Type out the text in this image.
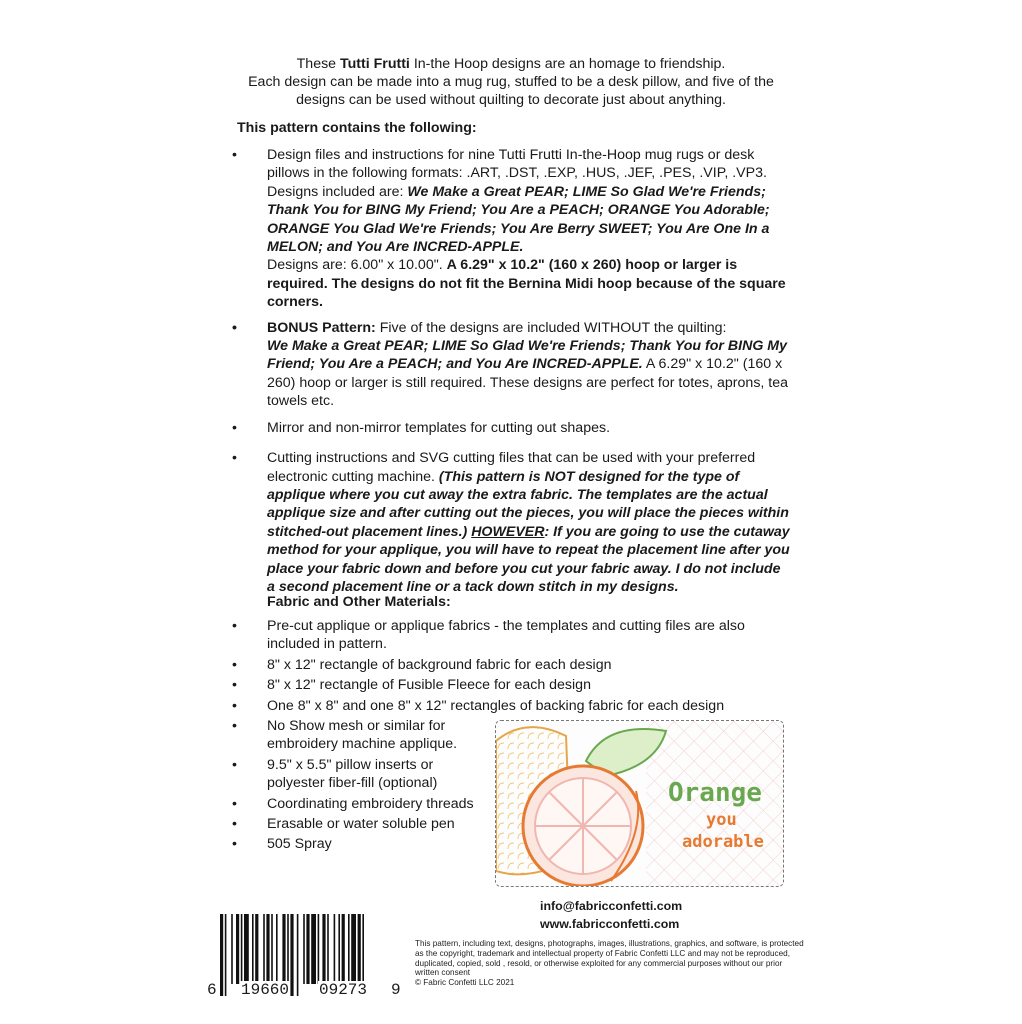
These Tutti Frutti In-the Hoop designs are an homage to friendship.
Each design can be made into a mug rug, stuffed to be a desk pillow, and five of the
designs can be used without quilting to decorate just about anything.
This pattern contains the following:
•	Design files and instructions for nine Tutti Frutti In-the-Hoop mug rugs or desk pillows in the following formats: .ART, .DST, .EXP, .HUS, .JEF, .PES, .VIP, .VP3.
Designs included are: We Make a Great PEAR; LIME So Glad We're Friends; Thank You for BING My Friend; You Are a PEACH; ORANGE You Adorable; ORANGE You Glad We're Friends; You Are Berry SWEET; You Are One In a MELON; and You Are INCRED-APPLE.
Designs are: 6.00" x 10.00". A 6.29" x 10.2" (160 x 260) hoop or larger is required. The designs do not fit the Bernina Midi hoop because of the square corners.
•	BONUS Pattern: Five of the designs are included WITHOUT the quilting:
We Make a Great PEAR; LIME So Glad We're Friends; Thank You for BING My Friend; You Are a PEACH; and You Are INCRED-APPLE. A 6.29" x 10.2" (160 x 260) hoop or larger is still required. These designs are perfect for totes, aprons, tea towels etc.
•	Mirror and non-mirror templates for cutting out shapes.
•	Cutting instructions and SVG cutting files that can be used with your preferred electronic cutting machine. (This pattern is NOT designed for the type of applique where you cut away the extra fabric. The templates are the actual applique size and after cutting out the pieces, you will place the pieces within stitched-out placement lines.) HOWEVER: If you are going to use the cutaway method for your applique, you will have to repeat the placement line after you place your fabric down and before you cut your fabric away. I do not include a second placement line or a tack down stitch in my designs.
Fabric and Other Materials:
•	Pre-cut applique or applique fabrics - the templates and cutting files are also included in pattern.
•	8" x 12" rectangle of background fabric for each design
•	8" x 12" rectangle of Fusible Fleece for each design
•	One 8" x 8" and one 8" x 12" rectangles of backing fabric for each design
•	No Show mesh or similar for embroidery machine applique.
•	9.5" x 5.5" pillow inserts or polyester fiber-fill (optional)
•	Coordinating embroidery threads
•	Erasable or water soluble pen
•	505 Spray
Orange
you
adorable
info@fabricconfetti.com
www.fabricconfetti.com
This pattern, including text, designs, photographs, images, illustrations, graphics, and software, is protected as the copyright, trademark and intellectual property of Fabric Confetti LLC and may not be reproduced, duplicated, copied, sold , resold, or otherwise exploited for any commercial purposes without our prior written consent
© Fabric Confetti LLC 2021
6 19660 09273 9
